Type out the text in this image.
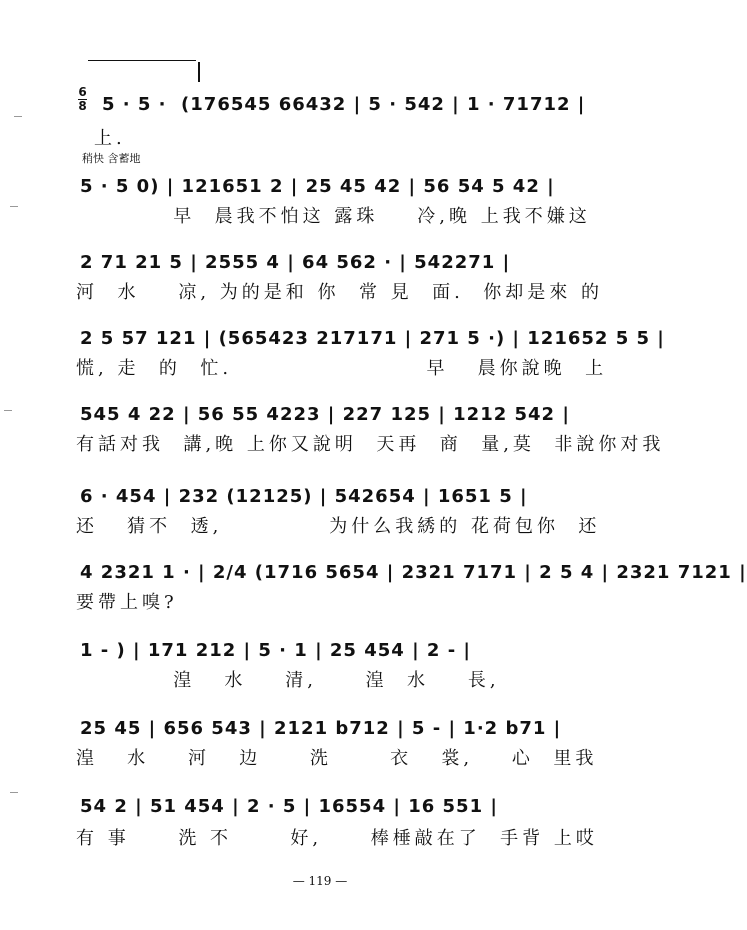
6
8
稍快 含蓄地
5 · 5 ·  (176545 66432 | 5 · 542 | 1 · 71712 |
上.
5 · 5 0) | 121651 2 | 25 45 42 | 56 54 5 42 |
早  晨我不怕这 露珠    冷,晚 上我不嫌这
2 71 21 5 | 2555 4 | 64 562 · | 542271 |
河  水    凉, 为的是和 你  常 見  面.  你却是來 的
2 5 57 121 | (565423 217171 | 271 5 ·) | 121652 5 5 |
慌, 走  的  忙.                    早   晨你說晚  上
545 4 22 | 56 55 4223 | 227 125 | 1212 542 |
有話对我  講,晚 上你又說明  天再  商  量,莫  非說你对我
6 · 454 | 232 (12125) | 542654 | 1651 5 |
还   猜不  透,           为什么我綉的 花荷包你  还
4 2321 1 · | 2/4 (1716 5654 | 2321 7171 | 2 5 4 | 2321 7121 |
要帶上嗅?
1 - ) | 171 212 | 5 · 1 | 25 454 | 2 - |
湟   水    清,     湟  水    長,
25 45 | 656 543 | 2121 b712 | 5 - | 1·2 b71 |
湟   水    河   边     洗      衣   裳,    心  里我
54 2 | 51 454 | 2 · 5 | 16554 | 16 551 |
有 事     洗 不      好,     棒棰敲在了  手背 上哎
— 119 —
